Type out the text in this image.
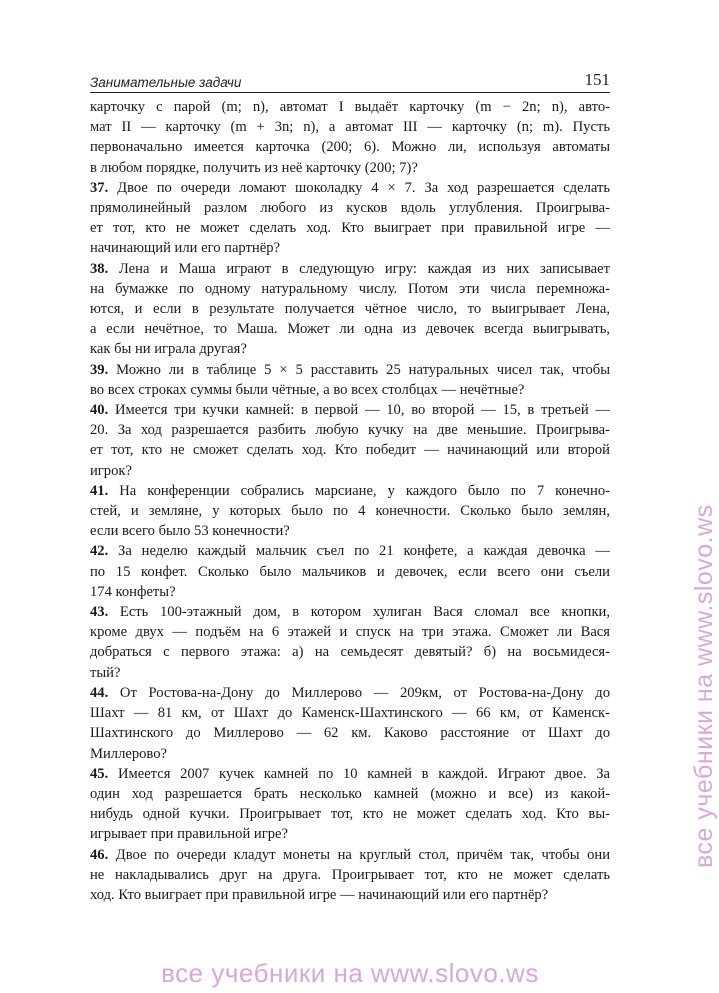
Занимательные задачи	151
карточку с парой (m; n), автомат I выдаёт карточку (m − 2n; n), авто-
мат II — карточку (m + 3n; n), а автомат III — карточку (n; m). Пусть
первоначально имеется карточка (200; 6). Можно ли, используя автоматы
в любом порядке, получить из неё карточку (200; 7)?
37. Двое по очереди ломают шоколадку 4 × 7. За ход разрешается сделать
прямолинейный разлом любого из кусков вдоль углубления. Проигрыва-
ет тот, кто не может сделать ход. Кто выиграет при правильной игре —
начинающий или его партнёр?
38. Лена и Маша играют в следующую игру: каждая из них записывает
на бумажке по одному натуральному числу. Потом эти числа перемножа-
ются, и если в результате получается чётное число, то выигрывает Лена,
а если нечётное, то Маша. Может ли одна из девочек всегда выигрывать,
как бы ни играла другая?
39. Можно ли в таблице 5 × 5 расставить 25 натуральных чисел так, чтобы
во всех строках суммы были чётные, а во всех столбцах — нечётные?
40. Имеется три кучки камней: в первой — 10, во второй — 15, в третьей —
20. За ход разрешается разбить любую кучку на две меньшие. Проигрыва-
ет тот, кто не сможет сделать ход. Кто победит — начинающий или второй
игрок?
41. На конференции собрались марсиане, у каждого было по 7 конечно-
стей, и земляне, у которых было по 4 конечности. Сколько было землян,
если всего было 53 конечности?
42. За неделю каждый мальчик съел по 21 конфете, а каждая девочка —
по 15 конфет. Сколько было мальчиков и девочек, если всего они съели
174 конфеты?
43. Есть 100-этажный дом, в котором хулиган Вася сломал все кнопки,
кроме двух — подъём на 6 этажей и спуск на три этажа. Сможет ли Вася
добраться с первого этажа: а) на семьдесят девятый? б) на восьмидеся-
тый?
44. От Ростова-на-Дону до Миллерово — 209км, от Ростова-на-Дону до
Шахт — 81 км, от Шахт до Каменск-Шахтинского — 66 км, от Каменск-
Шахтинского до Миллерово — 62 км. Каково расстояние от Шахт до
Миллерово?
45. Имеется 2007 кучек камней по 10 камней в каждой. Играют двое. За
один ход разрешается брать несколько камней (можно и все) из какой-
нибудь одной кучки. Проигрывает тот, кто не может сделать ход. Кто вы-
игрывает при правильной игре?
46. Двое по очереди кладут монеты на круглый стол, причём так, чтобы они
не накладывались друг на друга. Проигрывает тот, кто не может сделать
ход. Кто выиграет при правильной игре — начинающий или его партнёр?
все учебники на www.slovo.ws
все учебники на www.slovo.ws
